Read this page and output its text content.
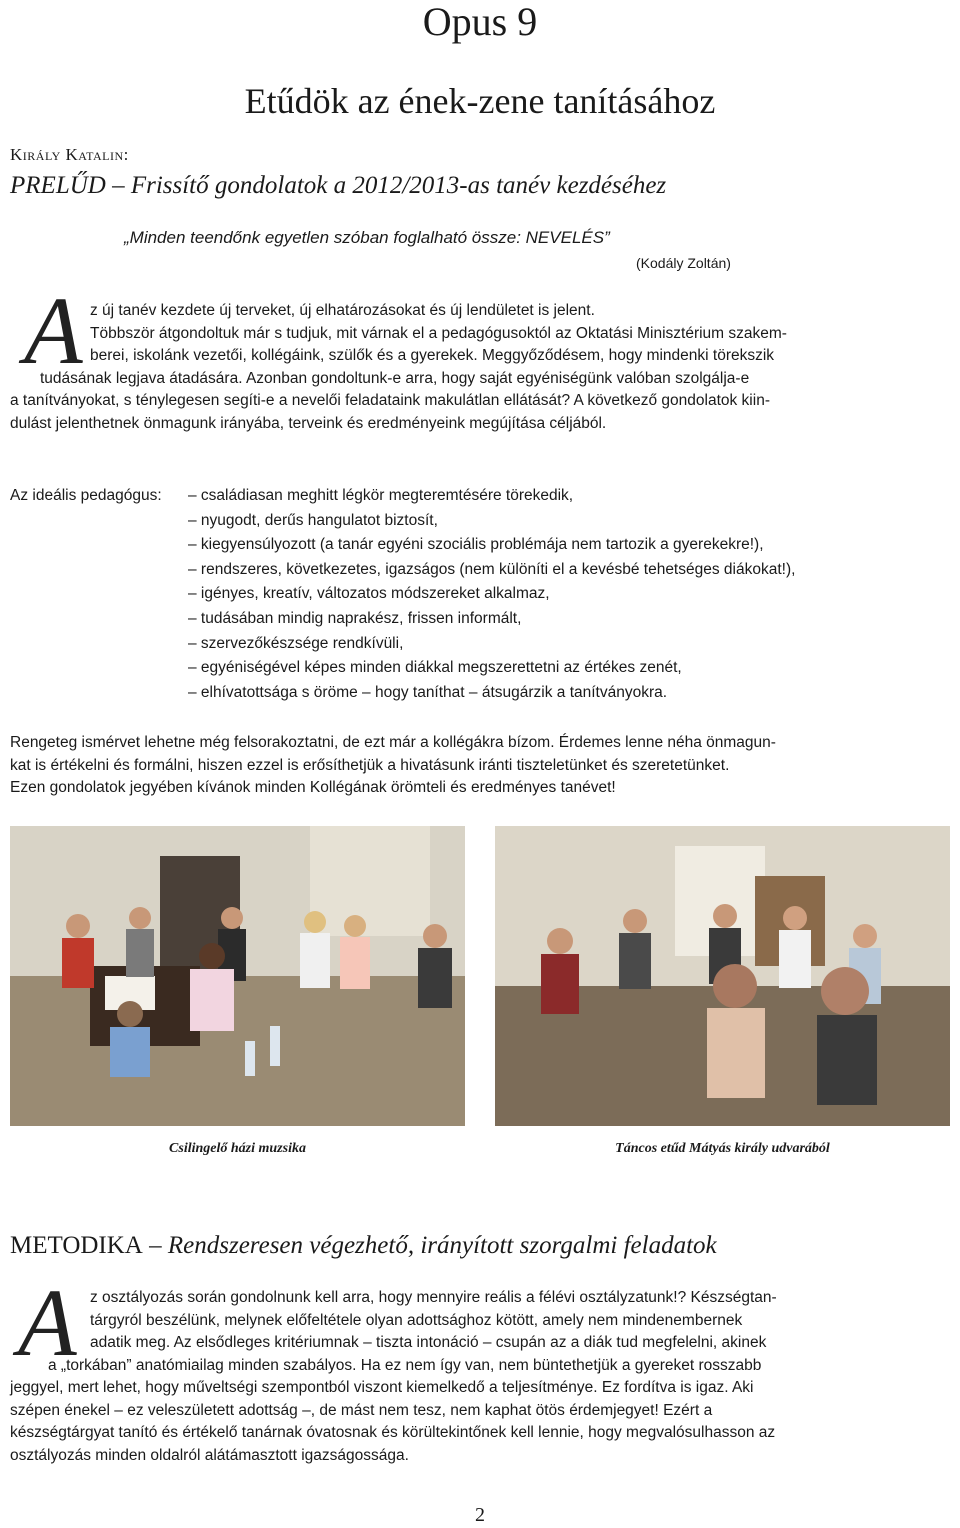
Opus 9
Etűdök az ének-zene tanításához
Király Katalin:
PRELŰD – Frissítő gondolatok a 2012/2013-as tanév kezdéséhez
„Minden teendőnk egyetlen szóban foglalható össze: NEVELÉS”
(Kodály Zoltán)
A z új tanév kezdete új terveket, új elhatározásokat és új lendületet is jelent.
Többször átgondoltuk már s tudjuk, mit várnak el a pedagógusoktól az Oktatási Minisztérium szakem-
berei, iskolánk vezetői, kollégáink, szülők és a gyerekek. Meggyőződésem, hogy mindenki törekszik
tudásának legjava átadására. Azonban gondoltunk-e arra, hogy saját egyéniségünk valóban szolgálja-e
a tanítványokat, s ténylegesen segíti-e a nevelői feladataink makulátlan ellátását? A következő gondolatok kiin-
dulást jelenthetnek önmagunk irányába, terveink és eredményeink megújítása céljából.
Az ideális pedagógus: – családiasan meghitt légkör megteremtésére törekedik,
– nyugodt, derűs hangulatot biztosít,
– kiegyensúlyozott (a tanár egyéni szociális problémája nem tartozik a gyerekekre!),
– rendszeres, következetes, igazságos (nem különíti el a kevésbé tehetséges diákokat!),
– igényes, kreatív, változatos módszereket alkalmaz,
– tudásában mindig naprakész, frissen informált,
– szervezőkészsége rendkívüli,
– egyéniségével képes minden diákkal megszerettetni az értékes zenét,
– elhívatottsága s öröme – hogy taníthat – átsugárzik a tanítványokra.
Rengeteg ismérvet lehetne még felsorakoztatni, de ezt már a kollégákra bízom. Érdemes lenne néha önmagun-
kat is értékelni és formálni, hiszen ezzel is erősíthetjük a hivatásunk iránti tiszteletünket és szeretetünket.
Ezen gondolatok jegyében kívánok minden Kollégának örömteli és eredményes tanévet!
Csilingelő házi muzsika	Táncos etűd Mátyás király udvarából
METODIKA – Rendszeresen végezhető, irányított szorgalmi feladatok
A z osztályozás során gondolnunk kell arra, hogy mennyire reális a félévi osztályzatunk!? Készségtan-
tárgyról beszélünk, melynek előfeltétele olyan adottsághoz kötött, amely nem mindenembernek
adatik meg. Az elsődleges kritériumnak – tiszta intonáció – csupán az a diák tud megfelelni, akinek
a „torkában” anatómiailag minden szabályos. Ha ez nem így van, nem büntethetjük a gyereket rosszabb
jeggyel, mert lehet, hogy műveltségi szempontból viszont kiemelkedő a teljesítménye. Ez fordítva is igaz. Aki
szépen énekel – ez veleszületett adottság –, de mást nem tesz, nem kaphat ötös érdemjegyet! Ezért a
készségtárgyat tanító és értékelő tanárnak óvatosnak és körültekintőnek kell lennie, hogy megvalósulhasson az
osztályozás minden oldalról alátámasztott igazságossága.
2
